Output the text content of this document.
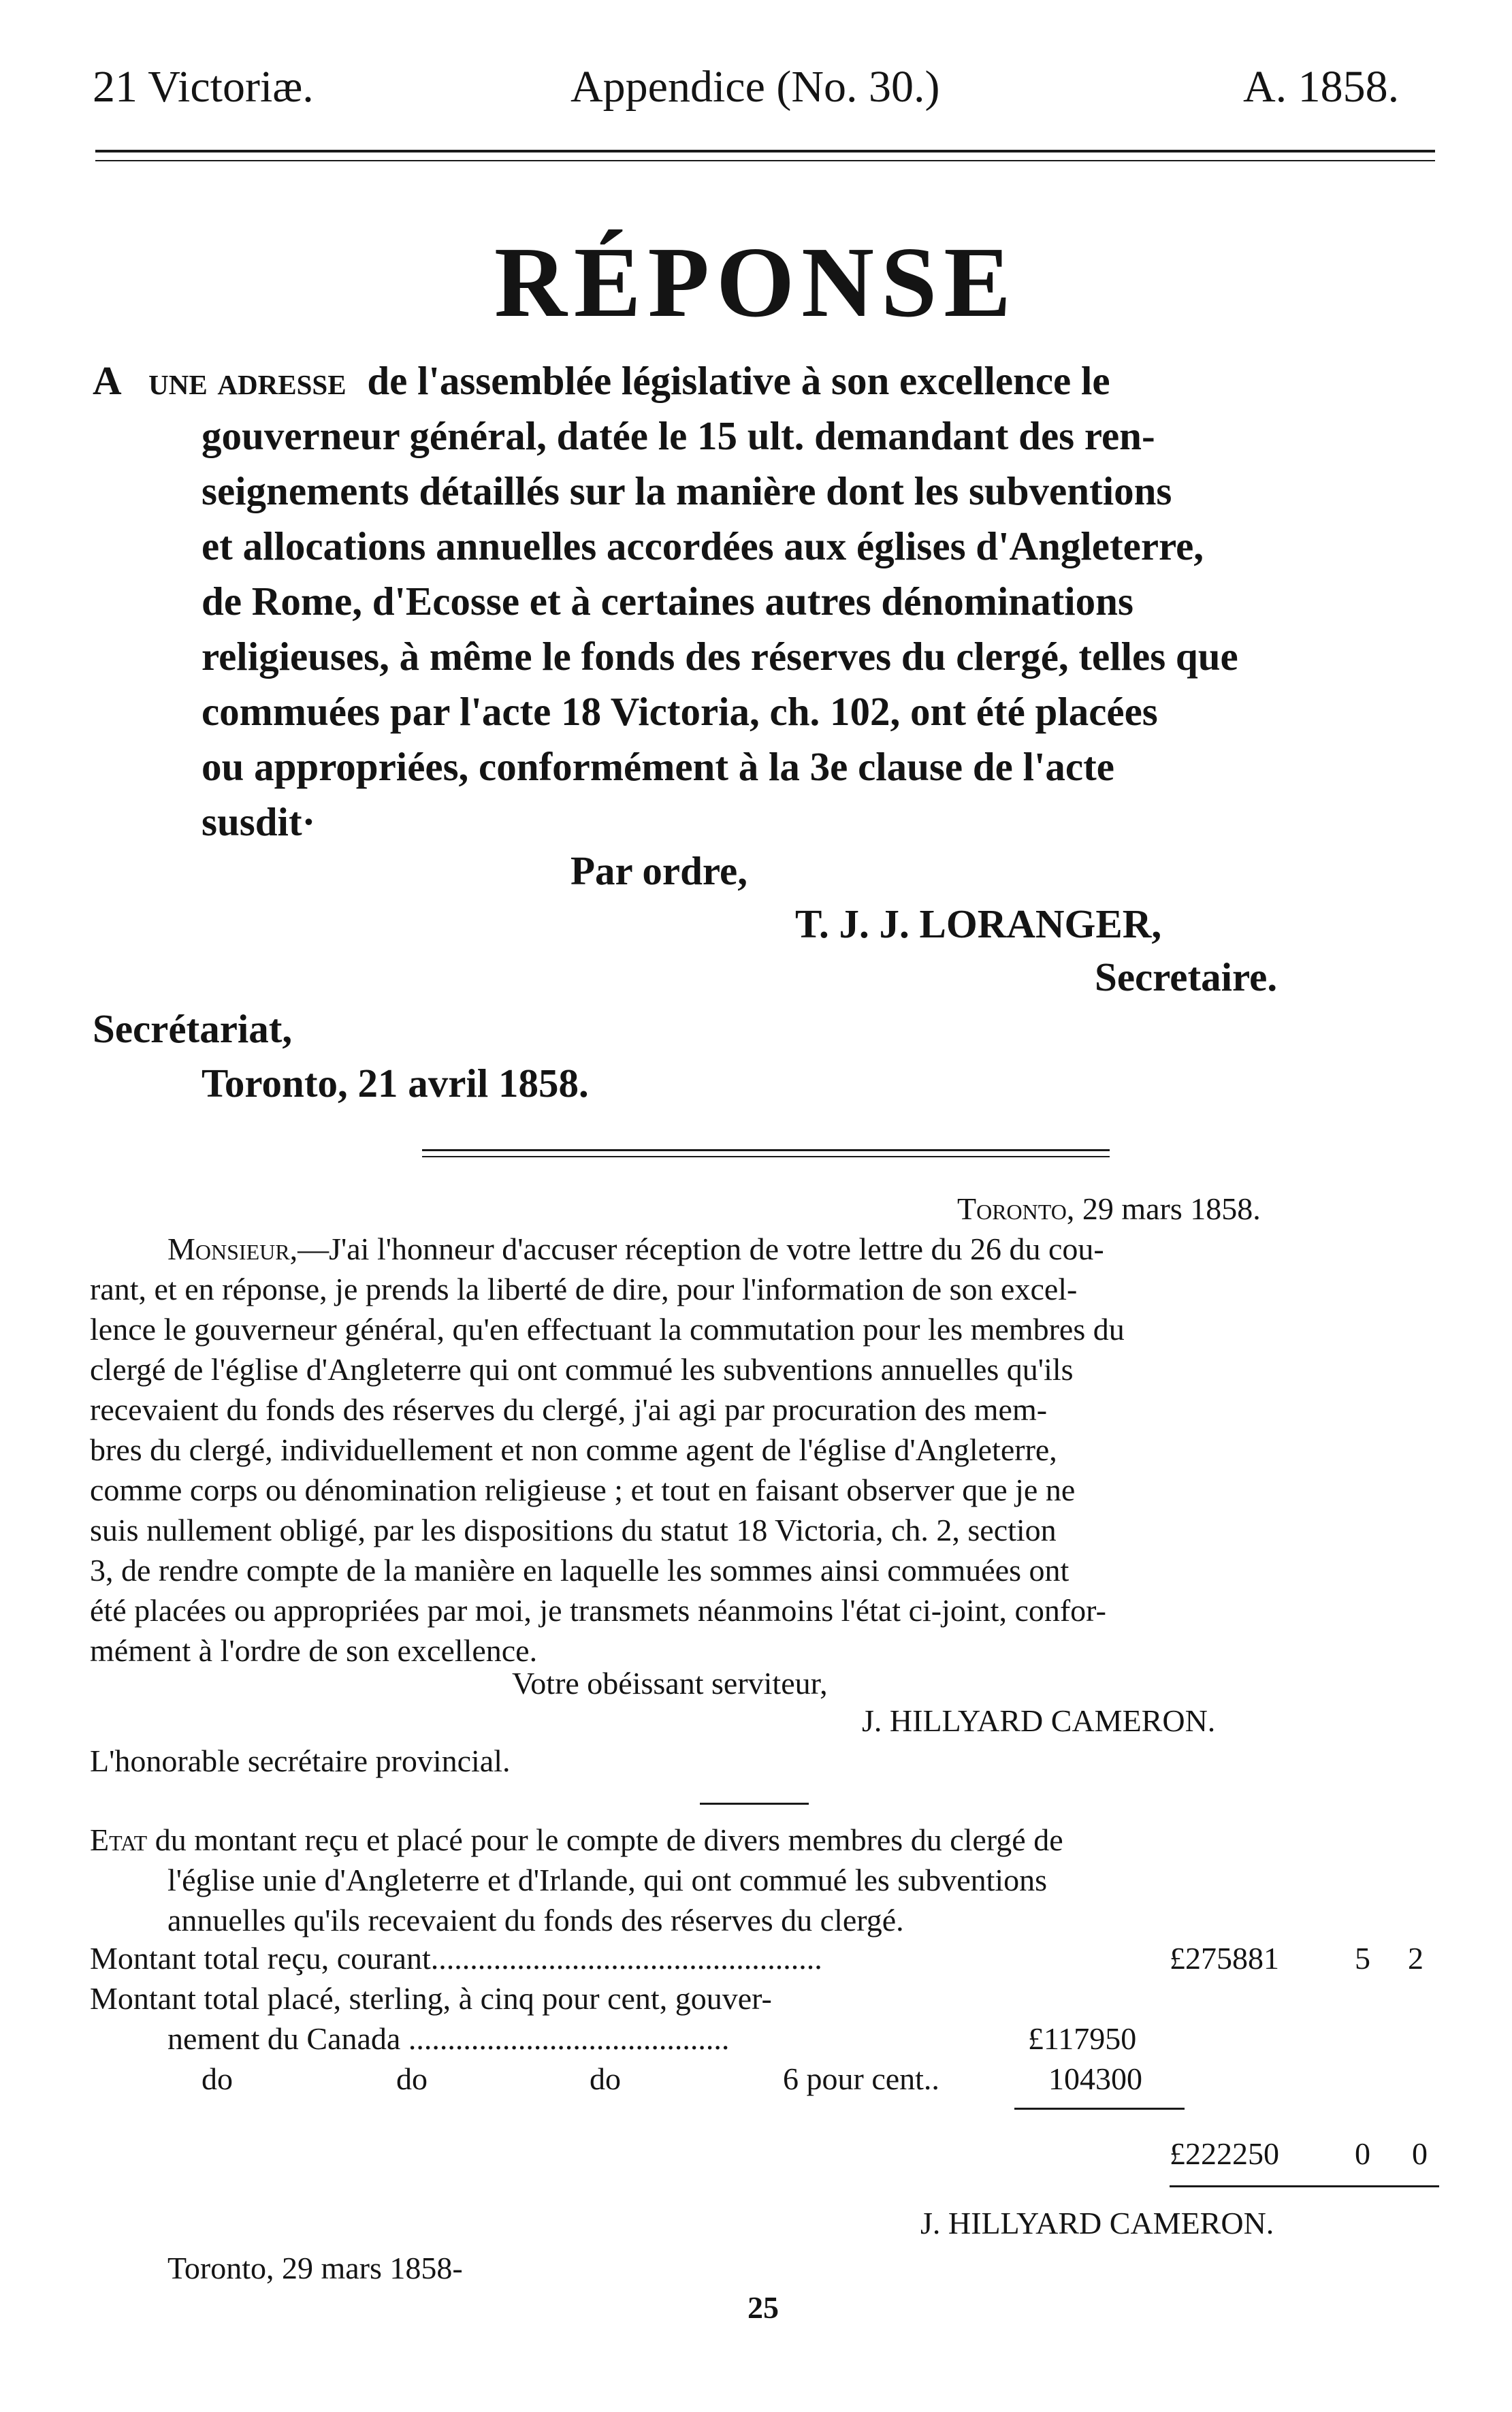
21 Victoriæ.	Appendice (No. 30.)	A. 1858.
RÉPONSE
A une adresse de l'assemblée législative à son excellence le
gouverneur général, datée le 15 ult. demandant des ren-
seignements détaillés sur la manière dont les subventions
et allocations annuelles accordées aux églises d'Angleterre,
de Rome, d'Ecosse et à certaines autres dénominations
religieuses, à même le fonds des réserves du clergé, telles que
commuées par l'acte 18 Victoria, ch. 102, ont été placées
ou appropriées, conformément à la 3e clause de l'acte
susdit·
Par ordre,
T. J. J. LORANGER,
Secretaire.
Secrétariat,
Toronto, 21 avril 1858.
Toronto, 29 mars 1858.
Monsieur,—J'ai l'honneur d'accuser réception de votre lettre du 26 du cou-
rant, et en réponse, je prends la liberté de dire, pour l'information de son excel-
lence le gouverneur général, qu'en effectuant la commutation pour les membres du
clergé de l'église d'Angleterre qui ont commué les subventions annuelles qu'ils
recevaient du fonds des réserves du clergé, j'ai agi par procuration des mem-
bres du clergé, individuellement et non comme agent de l'église d'Angleterre,
comme corps ou dénomination religieuse ; et tout en faisant observer que je ne
suis nullement obligé, par les dispositions du statut 18 Victoria, ch. 2, section
3, de rendre compte de la manière en laquelle les sommes ainsi commuées ont
été placées ou appropriées par moi, je transmets néanmoins l'état ci-joint, confor-
mément à l'ordre de son excellence.
Votre obéissant serviteur,
J. HILLYARD CAMERON.
L'honorable secrétaire provincial.
Etat du montant reçu et placé pour le compte de divers membres du clergé de
l'église unie d'Angleterre et d'Irlande, qui ont commué les subventions
annuelles qu'ils recevaient du fonds des réserves du clergé.
Montant total reçu, courant..................................................	£275881 5 2
Montant total placé, sterling, à cinq pour cent, gouver-
nement du Canada .........................................	£117950
do	do	do	6 pour cent..	104300
£222250 0 0
J. HILLYARD CAMERON.
Toronto, 29 mars 1858-
25
